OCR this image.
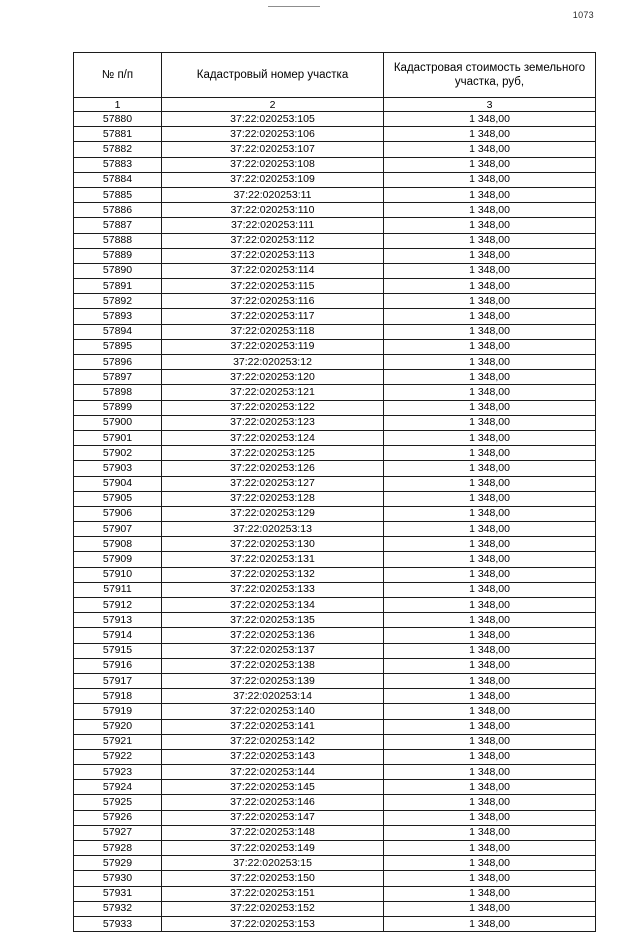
1073
№ п/п	Кадастровый номер участка	Кадастровая стоимость земельного участка, руб,
1	2	3
57880	37:22:020253:105	1 348,00
57881	37:22:020253:106	1 348,00
57882	37:22:020253:107	1 348,00
57883	37:22:020253:108	1 348,00
57884	37:22:020253:109	1 348,00
57885	37:22:020253:11	1 348,00
57886	37:22:020253:110	1 348,00
57887	37:22:020253:111	1 348,00
57888	37:22:020253:112	1 348,00
57889	37:22:020253:113	1 348,00
57890	37:22:020253:114	1 348,00
57891	37:22:020253:115	1 348,00
57892	37:22:020253:116	1 348,00
57893	37:22:020253:117	1 348,00
57894	37:22:020253:118	1 348,00
57895	37:22:020253:119	1 348,00
57896	37:22:020253:12	1 348,00
57897	37:22:020253:120	1 348,00
57898	37:22:020253:121	1 348,00
57899	37:22:020253:122	1 348,00
57900	37:22:020253:123	1 348,00
57901	37:22:020253:124	1 348,00
57902	37:22:020253:125	1 348,00
57903	37:22:020253:126	1 348,00
57904	37:22:020253:127	1 348,00
57905	37:22:020253:128	1 348,00
57906	37:22:020253:129	1 348,00
57907	37:22:020253:13	1 348,00
57908	37:22:020253:130	1 348,00
57909	37:22:020253:131	1 348,00
57910	37:22:020253:132	1 348,00
57911	37:22:020253:133	1 348,00
57912	37:22:020253:134	1 348,00
57913	37:22:020253:135	1 348,00
57914	37:22:020253:136	1 348,00
57915	37:22:020253:137	1 348,00
57916	37:22:020253:138	1 348,00
57917	37:22:020253:139	1 348,00
57918	37:22:020253:14	1 348,00
57919	37:22:020253:140	1 348,00
57920	37:22:020253:141	1 348,00
57921	37:22:020253:142	1 348,00
57922	37:22:020253:143	1 348,00
57923	37:22:020253:144	1 348,00
57924	37:22:020253:145	1 348,00
57925	37:22:020253:146	1 348,00
57926	37:22:020253:147	1 348,00
57927	37:22:020253:148	1 348,00
57928	37:22:020253:149	1 348,00
57929	37:22:020253:15	1 348,00
57930	37:22:020253:150	1 348,00
57931	37:22:020253:151	1 348,00
57932	37:22:020253:152	1 348,00
57933	37:22:020253:153	1 348,00
